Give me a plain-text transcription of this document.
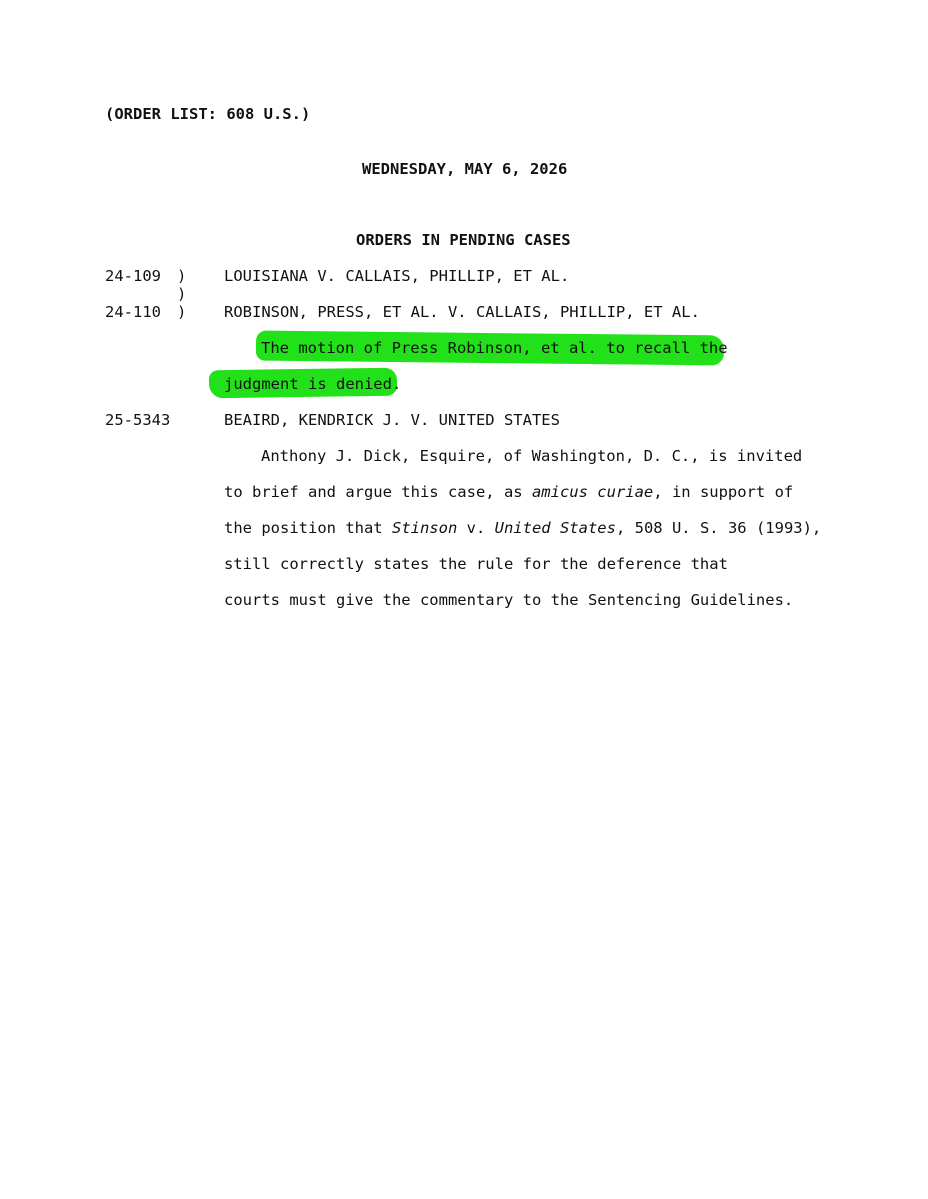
(ORDER LIST: 608 U.S.)
WEDNESDAY, MAY 6, 2026
ORDERS IN PENDING CASES
24-109 ) LOUISIANA V. CALLAIS, PHILLIP, ET AL.
)
24-110 ) ROBINSON, PRESS, ET AL. V. CALLAIS, PHILLIP, ET AL.
The motion of Press Robinson, et al. to recall the
judgment is denied.
25-5343	BEAIRD, KENDRICK J. V. UNITED STATES
Anthony J. Dick, Esquire, of Washington, D. C., is invited
to brief and argue this case, as amicus curiae, in support of
the position that Stinson v. United States, 508 U. S. 36 (1993),
still correctly states the rule for the deference that
courts must give the commentary to the Sentencing Guidelines.
